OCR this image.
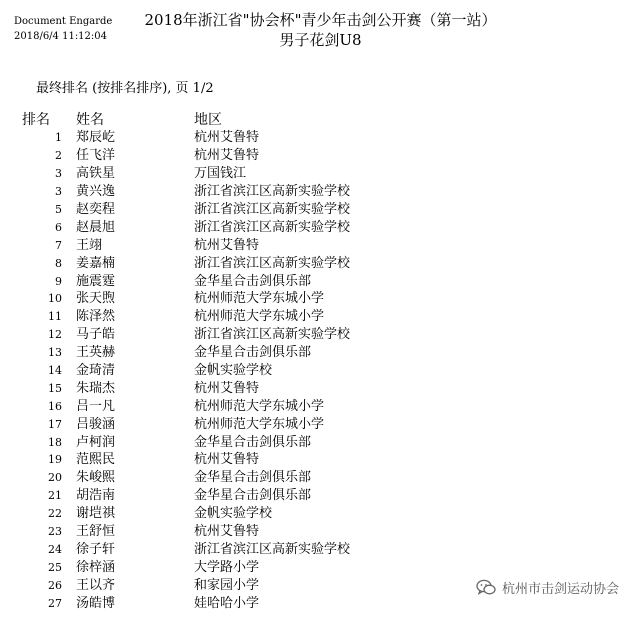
Document Engarde
2018/6/4 11:12:04
2018年浙江省"协会杯"青少年击剑公开赛（第一站）
男子花剑U8
最终排名 (按排名排序), 页 1/2
排名	姓名	地区
1	郑辰屹	杭州艾鲁特
2	任飞洋	杭州艾鲁特
3	高铁星	万国钱江
3	黄兴逸	浙江省滨江区高新实验学校
5	赵奕程	浙江省滨江区高新实验学校
6	赵晨旭	浙江省滨江区高新实验学校
7	王翊	杭州艾鲁特
8	姜嘉楠	浙江省滨江区高新实验学校
9	施震霆	金华星合击剑俱乐部
10	张天煦	杭州师范大学东城小学
11	陈泽然	杭州师范大学东城小学
12	马子皓	浙江省滨江区高新实验学校
13	王英赫	金华星合击剑俱乐部
14	金琦清	金帆实验学校
15	朱瑞杰	杭州艾鲁特
16	吕一凡	杭州师范大学东城小学
17	吕骏涵	杭州师范大学东城小学
18	卢柯润	金华星合击剑俱乐部
19	范熙民	杭州艾鲁特
20	朱峻熙	金华星合击剑俱乐部
21	胡浩南	金华星合击剑俱乐部
22	谢垲祺	金帆实验学校
23	王舒恒	杭州艾鲁特
24	徐子轩	浙江省滨江区高新实验学校
25	徐梓涵	大学路小学
26	王以齐	和家园小学
27	汤皓博	娃哈哈小学
杭州市击剑运动协会
